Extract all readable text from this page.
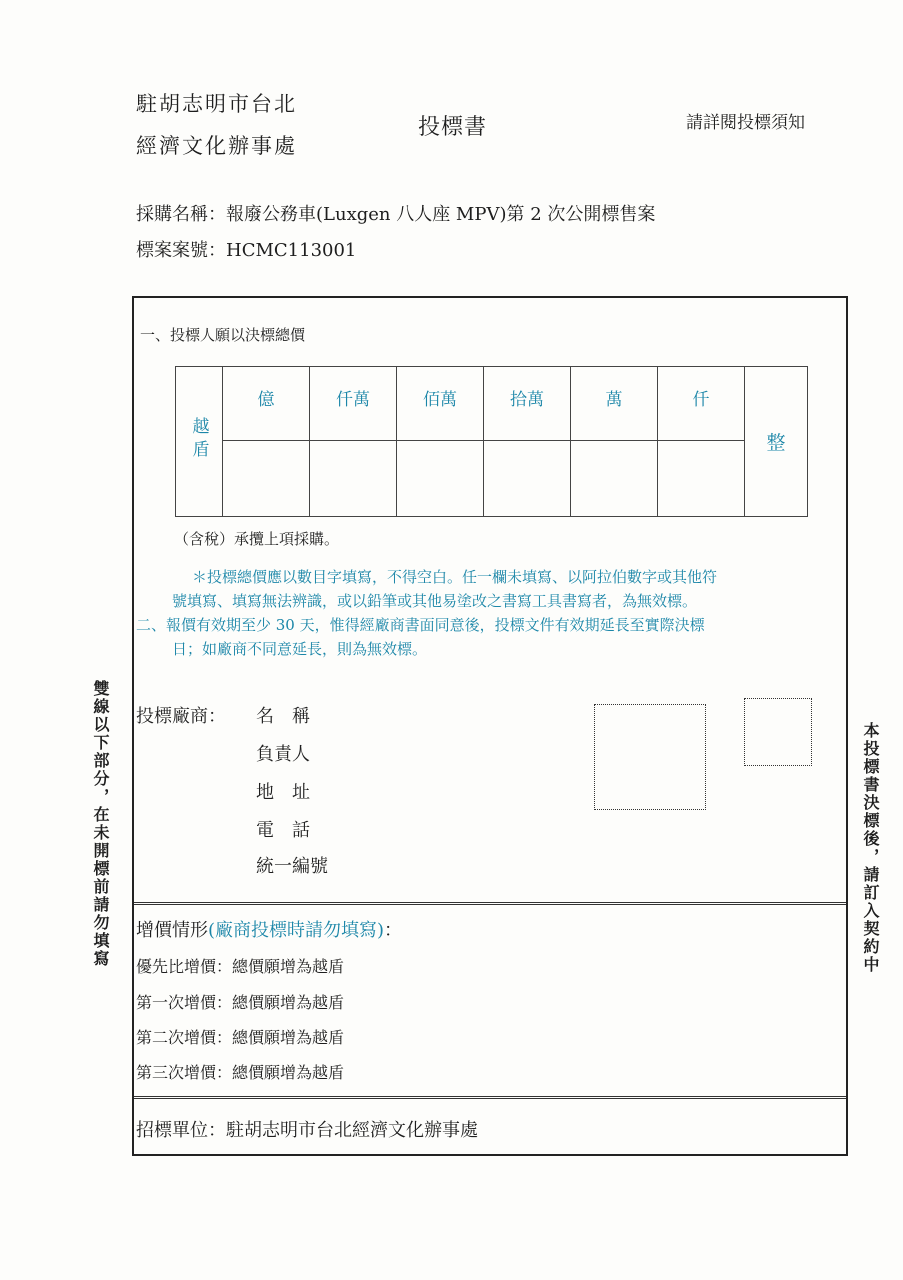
駐胡志明市台北
經濟文化辦事處
投標書	請詳閱投標須知
採購名稱：報廢公務車(Luxgen 八人座 MPV)第 2 次公開標售案
標案案號：HCMC113001
雙線以下部分，在未開標前請勿填寫	本投標書決標後，請訂入契約中
一、投標人願以決標總價
越盾	億	仟萬	佰萬	拾萬	萬	仟	整

（含稅）承攬上項採購。
＊投標總價應以數目字填寫，不得空白。任一欄未填寫、以阿拉伯數字或其他符
號填寫、填寫無法辨識，或以鉛筆或其他易塗改之書寫工具書寫者，為無效標。
二、報價有效期至少 30 天，惟得經廠商書面同意後，投標文件有效期延長至實際決標
日；如廠商不同意延長，則為無效標。
投標廠商： 名　稱
負責人
地　址
電　話
統一編號
增價情形(廠商投標時請勿填寫)：
優先比增價：總價願增為越盾
第一次增價：總價願增為越盾
第二次增價：總價願增為越盾
第三次增價：總價願增為越盾
招標單位：駐胡志明市台北經濟文化辦事處
